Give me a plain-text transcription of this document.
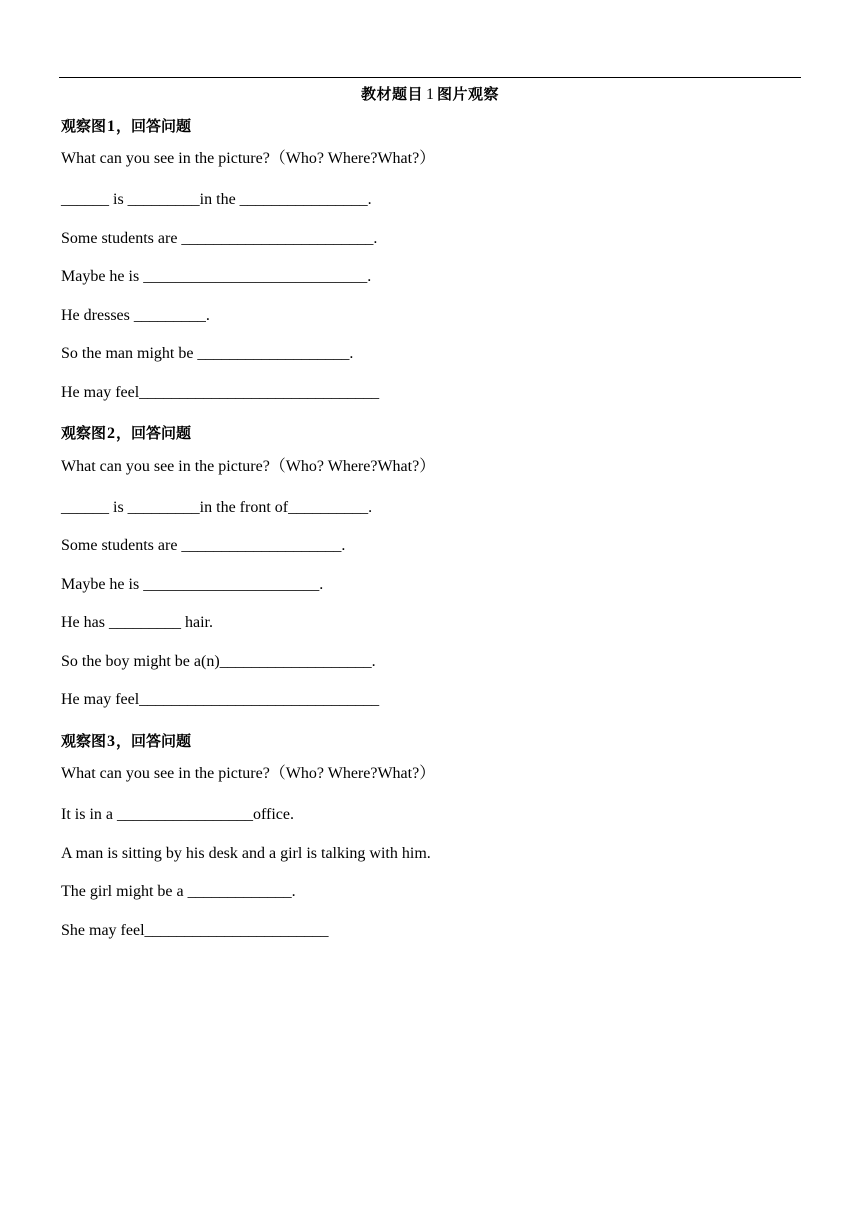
教材题目 1 图片观察
观察图1，回答问题
What can you see in the picture?（Who? Where?What?）
______ is _________in the ________________.
Some students are ________________________.
Maybe he is ____________________________.
He dresses _________.
So the man might be ___________________.
He may feel______________________________
观察图2，回答问题
What can you see in the picture?（Who? Where?What?）
______ is _________in the front of__________.
Some students are ____________________.
Maybe he is ______________________.
He has _________ hair.
So the boy might be a(n)___________________.
He may feel______________________________
观察图3，回答问题
What can you see in the picture?（Who? Where?What?）
It is in a _________________office.
A man is sitting by his desk and a girl is talking with him.
The girl might be a _____________.
She may feel_______________________
